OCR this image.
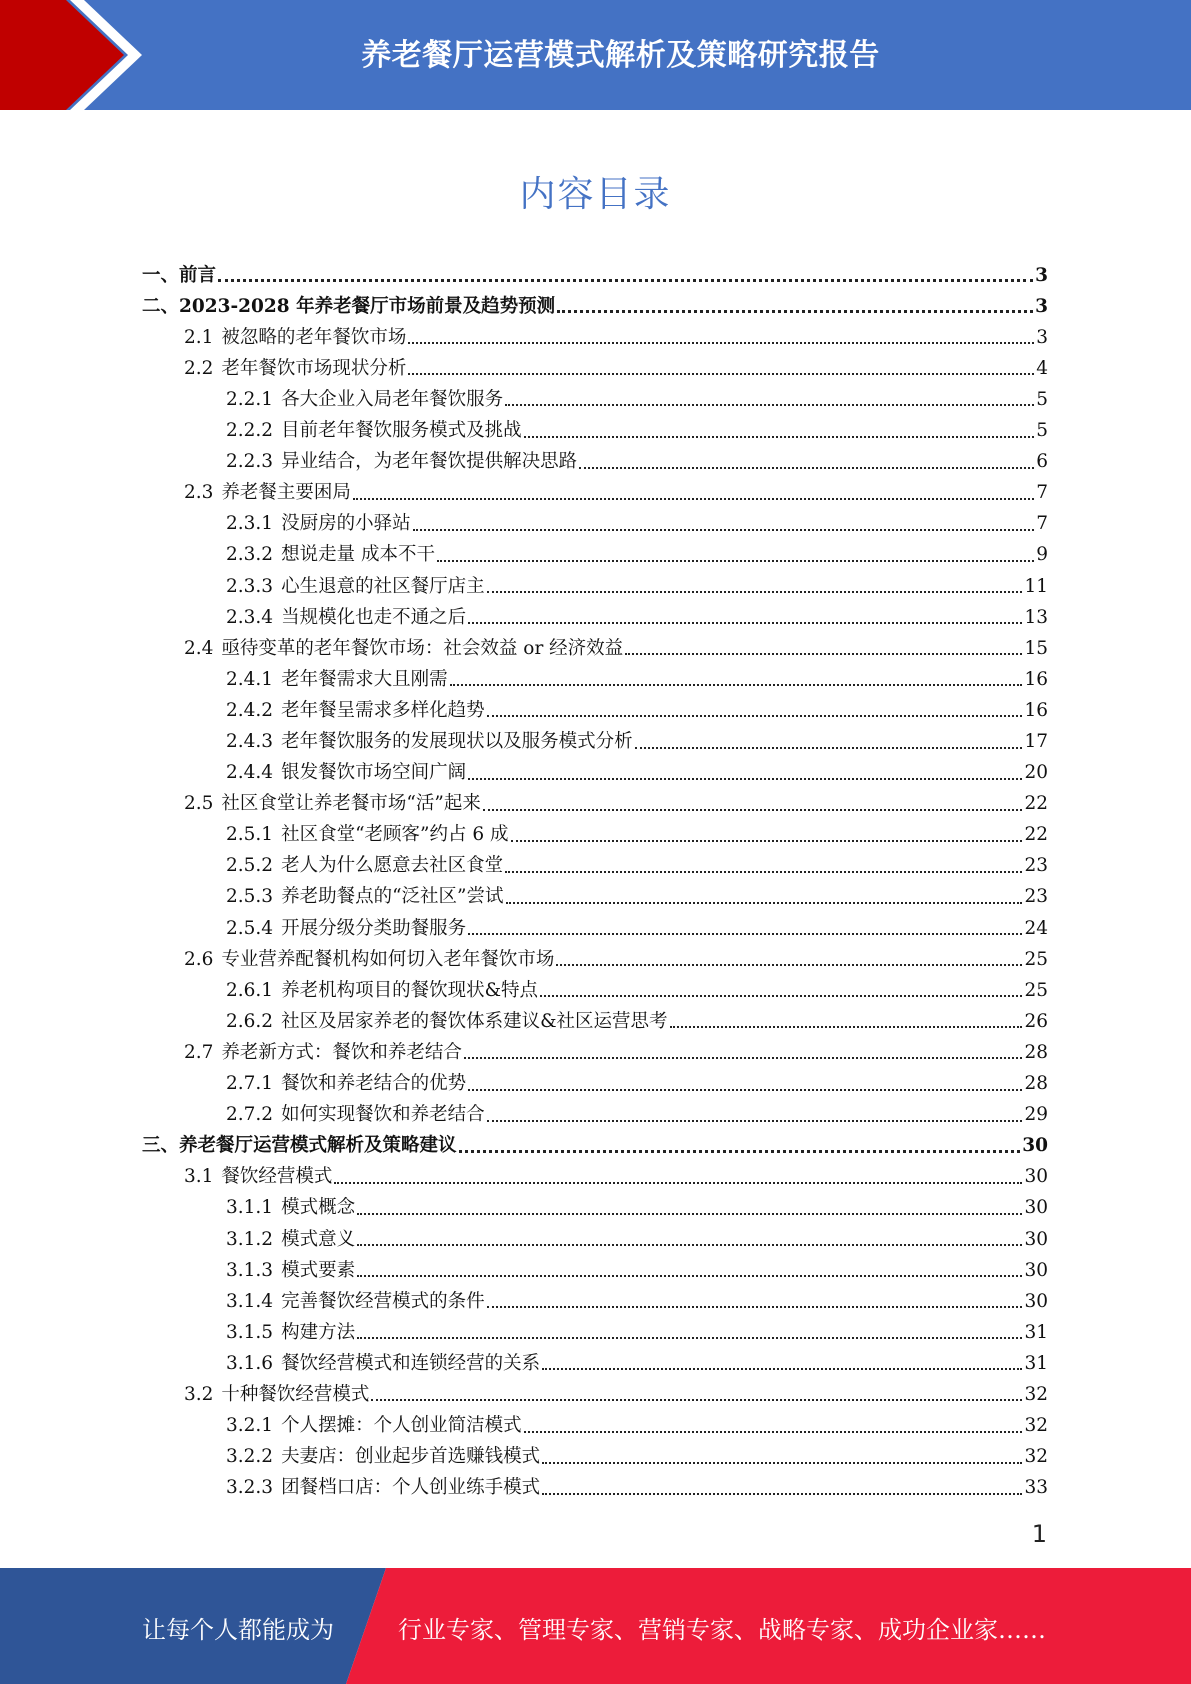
养老餐厅运营模式解析及策略研究报告
内容目录
一、 前言	3
二、 2023-2028 年养老餐厅市场前景及趋势预测	3
2.1 被忽略的老年餐饮市场	3
2.2 老年餐饮市场现状分析	4
2.2.1 各大企业入局老年餐饮服务	5
2.2.2 目前老年餐饮服务模式及挑战	5
2.2.3 异业结合，为老年餐饮提供解决思路	6
2.3 养老餐主要困局	7
2.3.1 没厨房的小驿站	7
2.3.2 想说走量 成本不干	9
2.3.3 心生退意的社区餐厅店主	11
2.3.4 当规模化也走不通之后	13
2.4 亟待变革的老年餐饮市场：社会效益 or 经济效益	15
2.4.1 老年餐需求大且刚需	16
2.4.2 老年餐呈需求多样化趋势	16
2.4.3 老年餐饮服务的发展现状以及服务模式分析	17
2.4.4 银发餐饮市场空间广阔	20
2.5 社区食堂让养老餐市场“活”起来	22
2.5.1 社区食堂“老顾客”约占 6 成	22
2.5.2 老人为什么愿意去社区食堂	23
2.5.3 养老助餐点的“泛社区”尝试	23
2.5.4 开展分级分类助餐服务	24
2.6 专业营养配餐机构如何切入老年餐饮市场	25
2.6.1 养老机构项目的餐饮现状&特点	25
2.6.2 社区及居家养老的餐饮体系建议&社区运营思考	26
2.7 养老新方式：餐饮和养老结合	28
2.7.1 餐饮和养老结合的优势	28
2.7.2 如何实现餐饮和养老结合	29
三、 养老餐厅运营模式解析及策略建议	30
3.1 餐饮经营模式	30
3.1.1 模式概念	30
3.1.2 模式意义	30
3.1.3 模式要素	30
3.1.4 完善餐饮经营模式的条件	30
3.1.5 构建方法	31
3.1.6 餐饮经营模式和连锁经营的关系	31
3.2 十种餐饮经营模式	32
3.2.1 个人摆摊：个人创业简洁模式	32
3.2.2 夫妻店：创业起步首选赚钱模式	32
3.2.3 团餐档口店：个人创业练手模式	33
1
让每个人都能成为	行业专家、管理专家、营销专家、战略专家、成功企业家……
